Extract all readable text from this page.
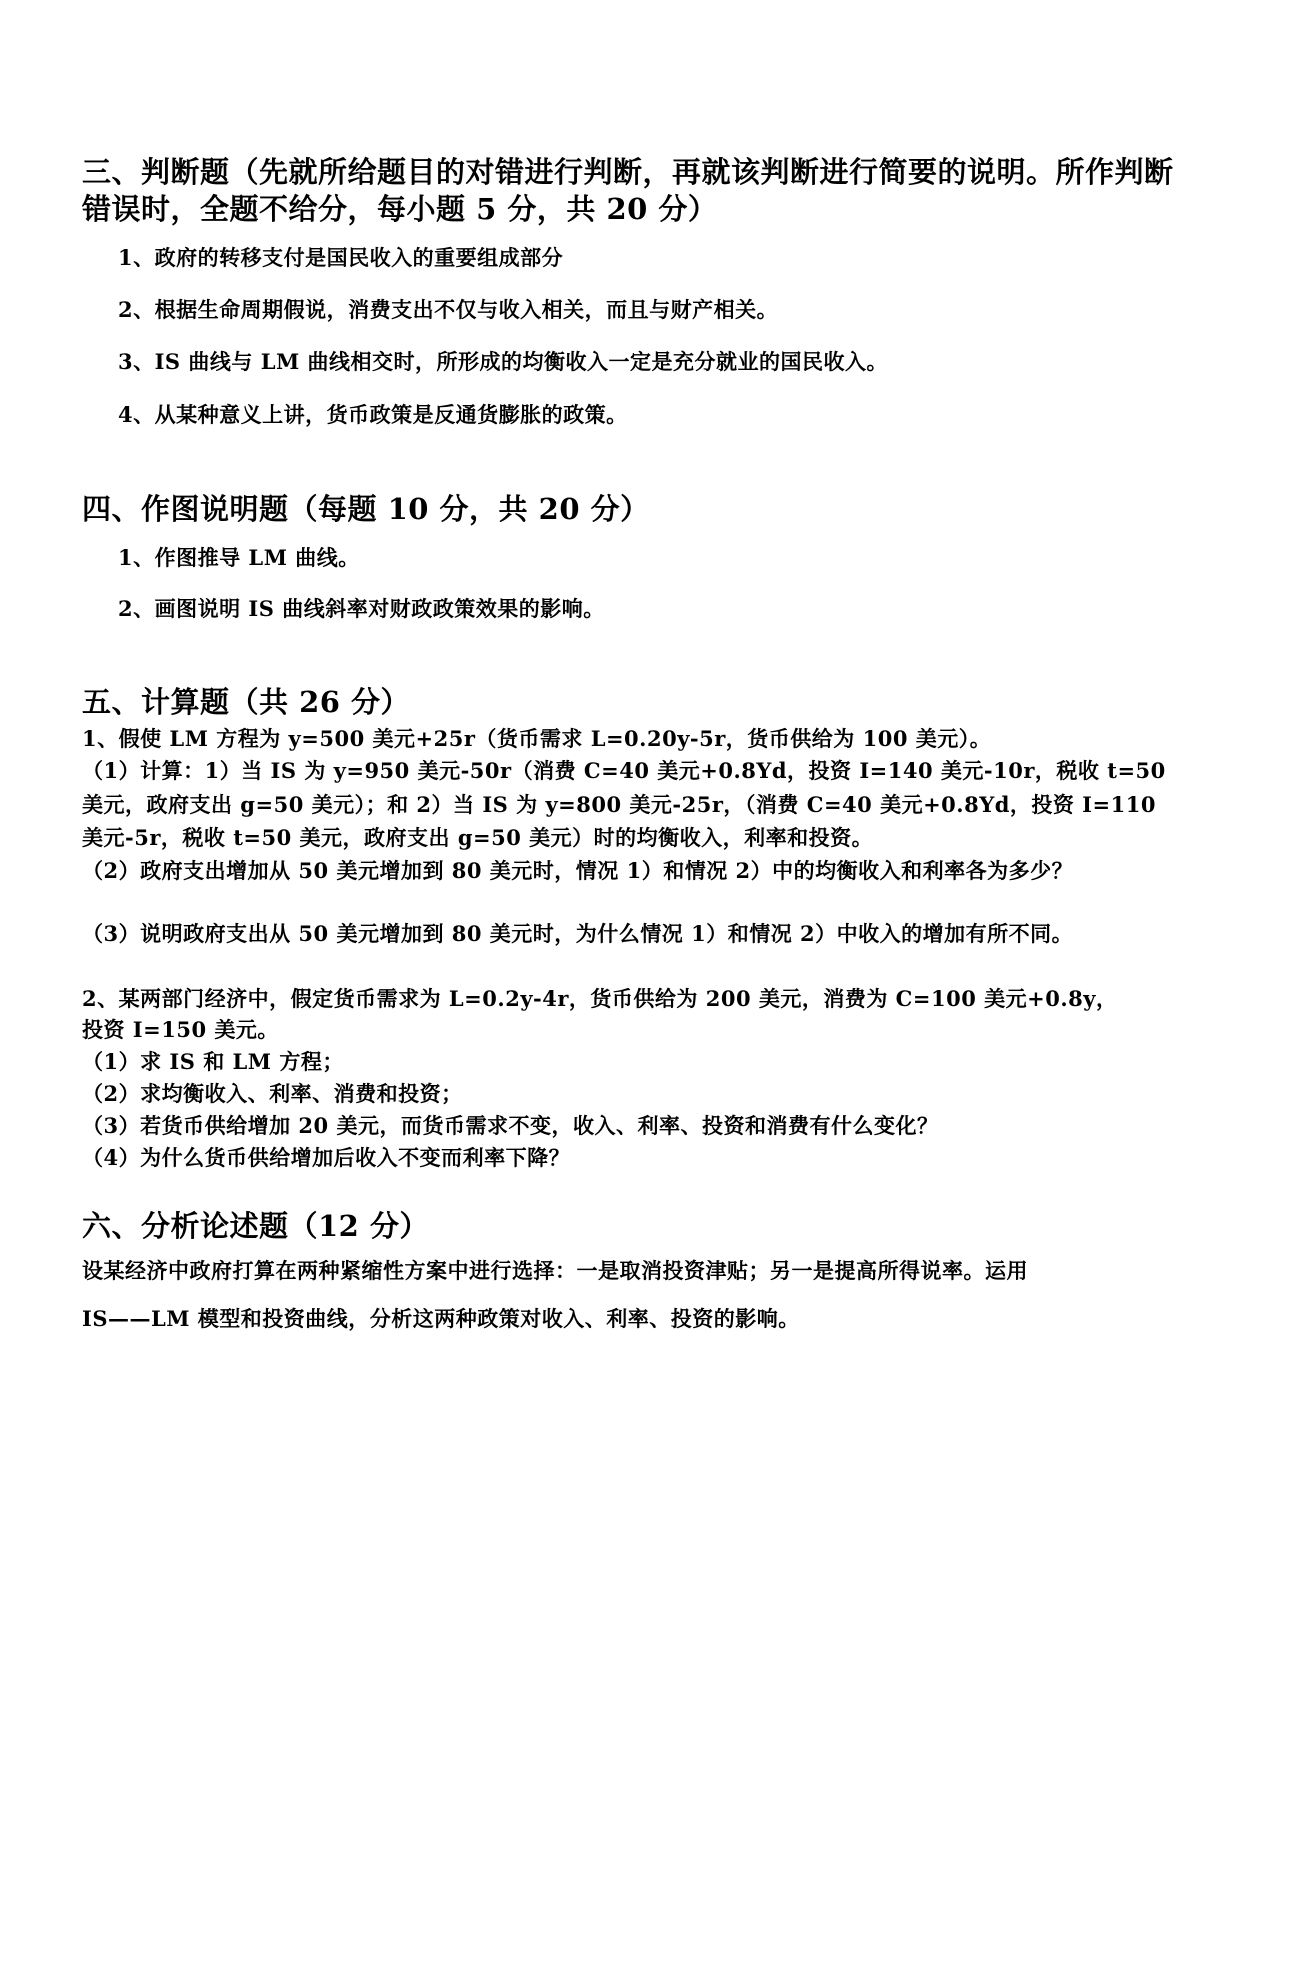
三、判断题（先就所给题目的对错进行判断，再就该判断进行简要的说明。所作判断
错误时，全题不给分，每小题 5 分，共 20 分）
1、政府的转移支付是国民收入的重要组成部分
2、根据生命周期假说，消费支出不仅与收入相关，而且与财产相关。
3、IS 曲线与 LM 曲线相交时，所形成的均衡收入一定是充分就业的国民收入。
4、从某种意义上讲，货币政策是反通货膨胀的政策。
四、作图说明题（每题 10 分，共 20 分）
1、作图推导 LM 曲线。
2、画图说明 IS 曲线斜率对财政政策效果的影响。
五、计算题（共 26 分）
1、假使 LM 方程为 y=500 美元+25r（货币需求 L=0.20y-5r，货币供给为 100 美元）。
（1）计算：1）当 IS 为 y=950 美元-50r（消费 C=40 美元+0.8Yd，投资 I=140 美元-10r，税收 t=50
美元，政府支出 g=50 美元）；和 2）当 IS 为 y=800 美元-25r，（消费 C=40 美元+0.8Yd，投资 I=110
美元-5r，税收 t=50 美元，政府支出 g=50 美元）时的均衡收入，利率和投资。
（2）政府支出增加从 50 美元增加到 80 美元时，情况 1）和情况 2）中的均衡收入和利率各为多少？
（3）说明政府支出从 50 美元增加到 80 美元时，为什么情况 1）和情况 2）中收入的增加有所不同。
2、某两部门经济中，假定货币需求为 L=0.2y-4r，货币供给为 200 美元，消费为 C=100 美元+0.8y，
投资 I=150 美元。
（1）求 IS 和 LM 方程；
（2）求均衡收入、利率、消费和投资；
（3）若货币供给增加 20 美元，而货币需求不变，收入、利率、投资和消费有什么变化？
（4）为什么货币供给增加后收入不变而利率下降？
六、分析论述题（12 分）
设某经济中政府打算在两种紧缩性方案中进行选择：一是取消投资津贴；另一是提高所得说率。运用
IS——LM 模型和投资曲线，分析这两种政策对收入、利率、投资的影响。
